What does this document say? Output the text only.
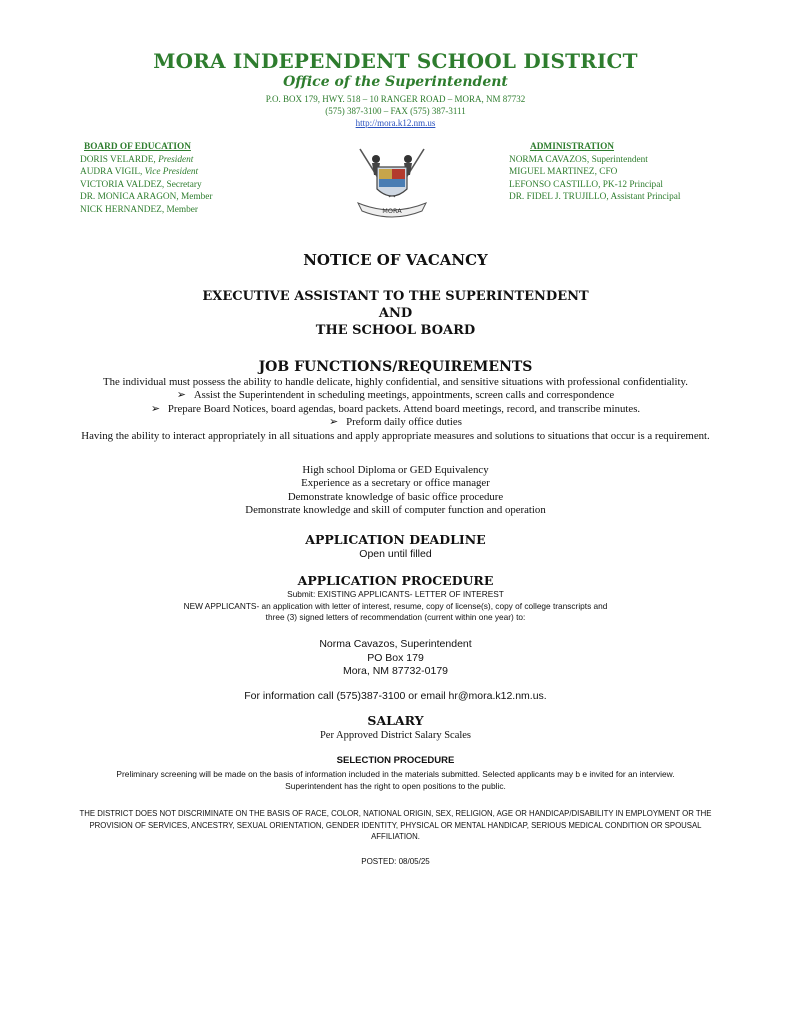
MORA INDEPENDENT SCHOOL DISTRICT
Office of the Superintendent
P.O. BOX 179, HWY. 518 – 10 RANGER ROAD – MORA, NM 87732
(575) 387-3100 – FAX (575) 387-3111
http://mora.k12.nm.us
BOARD OF EDUCATION
DORIS VELARDE, President
AUDRA VIGIL, Vice President
VICTORIA VALDEZ, Secretary
DR. MONICA ARAGON, Member
NICK HERNANDEZ, Member	MORA
ADMINISTRATION
NORMA CAVAZOS, Superintendent
MIGUEL MARTINEZ, CFO
LEFONSO CASTILLO, PK-12 Principal
DR. FIDEL J. TRUJILLO, Assistant Principal
NOTICE OF VACANCY
EXECUTIVE ASSISTANT TO THE SUPERINTENDENT
AND
THE SCHOOL BOARD
JOB FUNCTIONS/REQUIREMENTS
The individual must possess the ability to handle delicate, highly confidential, and sensitive situations with professional confidentiality.
➢ Assist the Superintendent in scheduling meetings, appointments, screen calls and correspondence
➢ Prepare Board Notices, board agendas, board packets. Attend board meetings, record, and transcribe minutes.
➢ Preform daily office duties
Having the ability to interact appropriately in all situations and apply appropriate measures and solutions to situations that occur is a requirement.
High school Diploma or GED Equivalency
Experience as a secretary or office manager
Demonstrate knowledge of basic office procedure
Demonstrate knowledge and skill of computer function and operation
APPLICATION DEADLINE
Open until filled
APPLICATION PROCEDURE
Submit: EXISTING APPLICANTS- LETTER OF INTEREST
NEW APPLICANTS- an application with letter of interest, resume, copy of license(s), copy of college transcripts and
three (3) signed letters of recommendation (current within one year) to:
Norma Cavazos, Superintendent
PO Box 179
Mora, NM 87732-0179
For information call (575)387-3100 or email hr@mora.k12.nm.us.
SALARY
Per Approved District Salary Scales
SELECTION PROCEDURE
Preliminary screening will be made on the basis of information included in the materials submitted. Selected applicants may b e invited for an interview.
Superintendent has the right to open positions to the public.
THE DISTRICT DOES NOT DISCRIMINATE ON THE BASIS OF RACE, COLOR, NATIONAL ORIGIN, SEX, RELIGION, AGE OR HANDICAP/DISABILITY IN EMPLOYMENT OR THE
PROVISION OF SERVICES, ANCESTRY, SEXUAL ORIENTATION, GENDER IDENTITY, PHYSICAL OR MENTAL HANDICAP, SERIOUS MEDICAL CONDITION OR SPOUSAL
AFFILIATION.
POSTED: 08/05/25
